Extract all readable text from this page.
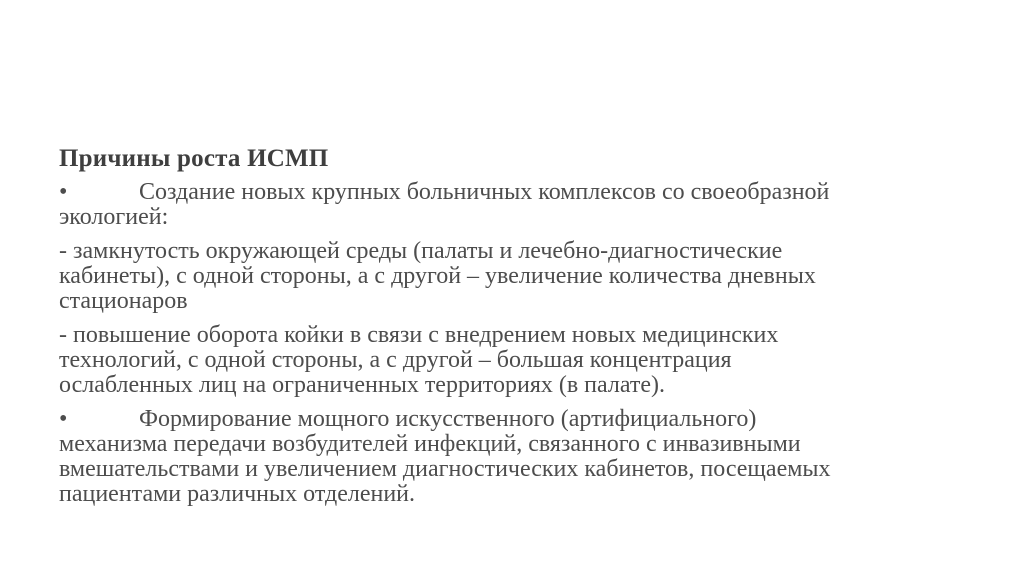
Причины роста ИСМП
•	Создание новых крупных больничных комплексов со своеобразной
экологией:
- замкнутость окружающей среды (палаты и лечебно-диагностические
кабинеты), с одной стороны, а с другой – увеличение количества дневных
стационаров
- повышение оборота койки в связи с внедрением новых медицинских
технологий, с одной стороны, а с другой – большая концентрация
ослабленных лиц на ограниченных территориях (в палате).
•	Формирование мощного искусственного (артифициального)
механизма передачи возбудителей инфекций, связанного с инвазивными
вмешательствами и увеличением диагностических кабинетов, посещаемых
пациентами различных отделений.
